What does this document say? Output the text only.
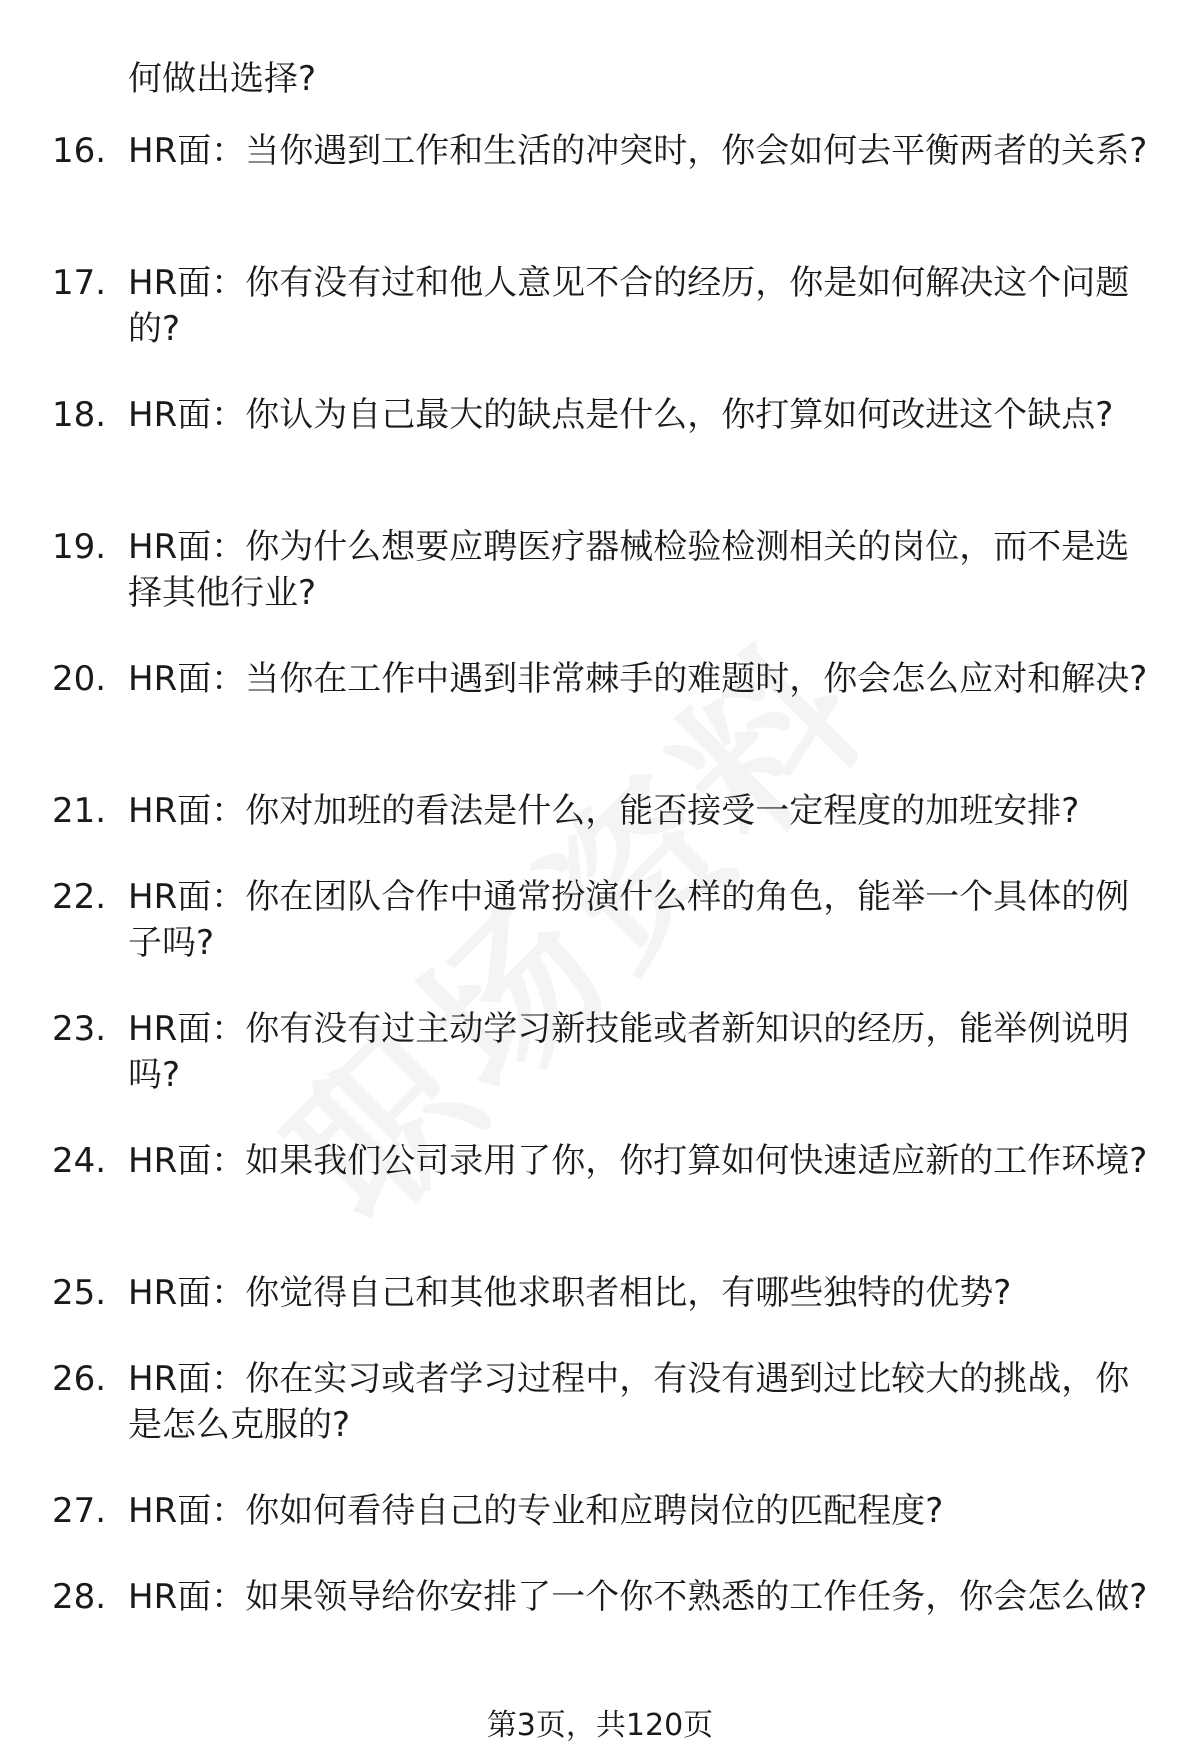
何做出选择?

16. HR面：当你遇到工作和生活的冲突时，你会如何去平衡两者的关系?
17. HR面：你有没有过和他人意见不合的经历，你是如何解决这个问题的?
18. HR面：你认为自己最大的缺点是什么，你打算如何改进这个缺点?
19. HR面：你为什么想要应聘医疗器械检验检测相关的岗位，而不是选择其他行业?
20. HR面：当你在工作中遇到非常棘手的难题时，你会怎么应对和解决?
21. HR面：你对加班的看法是什么，能否接受一定程度的加班安排?
22. HR面：你在团队合作中通常扮演什么样的角色，能举一个具体的例子吗?
23. HR面：你有没有过主动学习新技能或者新知识的经历，能举例说明吗?
24. HR面：如果我们公司录用了你，你打算如何快速适应新的工作环境?
25. HR面：你觉得自己和其他求职者相比，有哪些独特的优势?
26. HR面：你在实习或者学习过程中，有没有遇到过比较大的挑战，你是怎么克服的?
27. HR面：你如何看待自己的专业和应聘岗位的匹配程度?
28. HR面：如果领导给你安排了一个你不熟悉的工作任务，你会怎么做?
第3页，共120页
